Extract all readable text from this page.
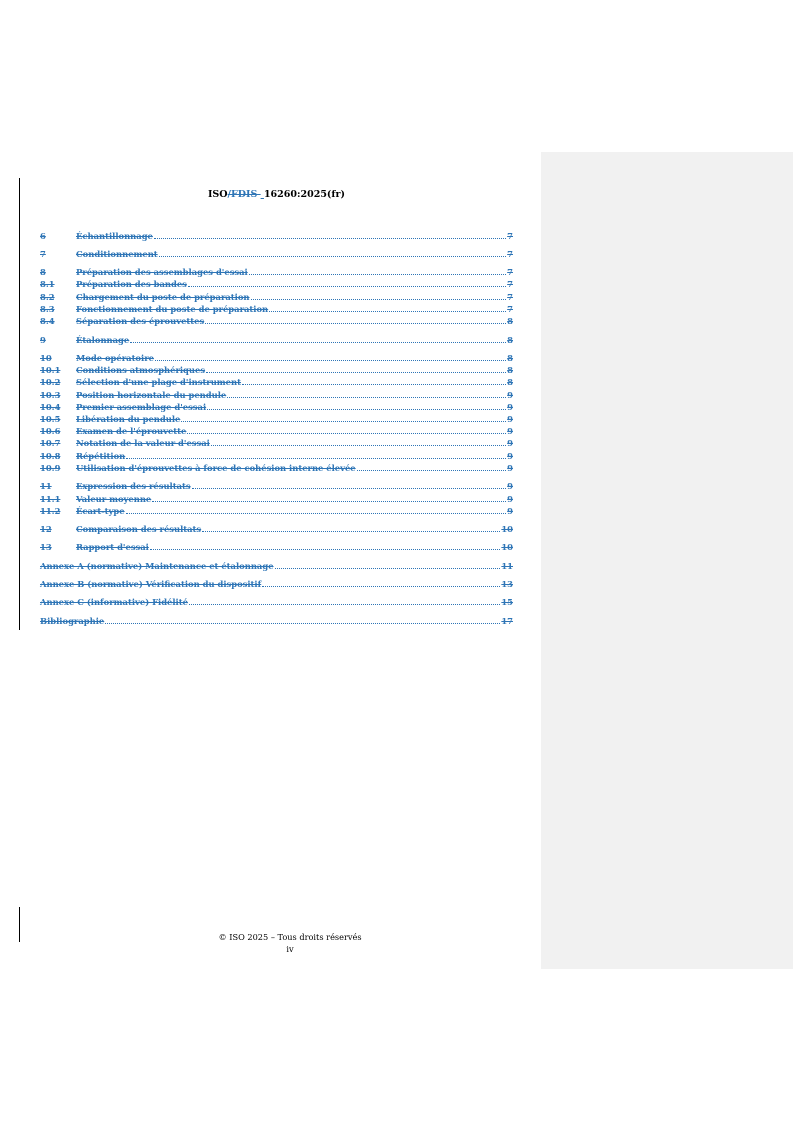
ISO/FDIS  16260:2025(fr)
6	Échantillonnage	7
7	Conditionnement	7
8	Préparation des assemblages d'essai	7
8.1	Préparation des bandes	7
8.2	Chargement du poste de préparation	7
8.3	Fonctionnement du poste de préparation	7
8.4	Séparation des éprouvettes	8
9	Étalonnage	8
10	Mode opératoire	8
10.1	Conditions atmosphériques	8
10.2	Sélection d'une plage d'instrument	8
10.3	Position horizontale du pendule	9
10.4	Premier assemblage d'essai	9
10.5	Libération du pendule	9
10.6	Examen de l'éprouvette	9
10.7	Notation de la valeur d'essai	9
10.8	Répétition	9
10.9	Utilisation d'éprouvettes à force de cohésion interne élevée	9
11	Expression des résultats	9
11.1	Valeur moyenne	9
11.2	Écart-type	9
12	Comparaison des résultats	10
13	Rapport d'essai	10
Annexe A (normative) Maintenance et étalonnage	11
Annexe B (normative) Vérification du dispositif	13
Annexe C (informative) Fidélité	15
Bibliographie	17
© ISO 2025 – Tous droits réservés
iv
